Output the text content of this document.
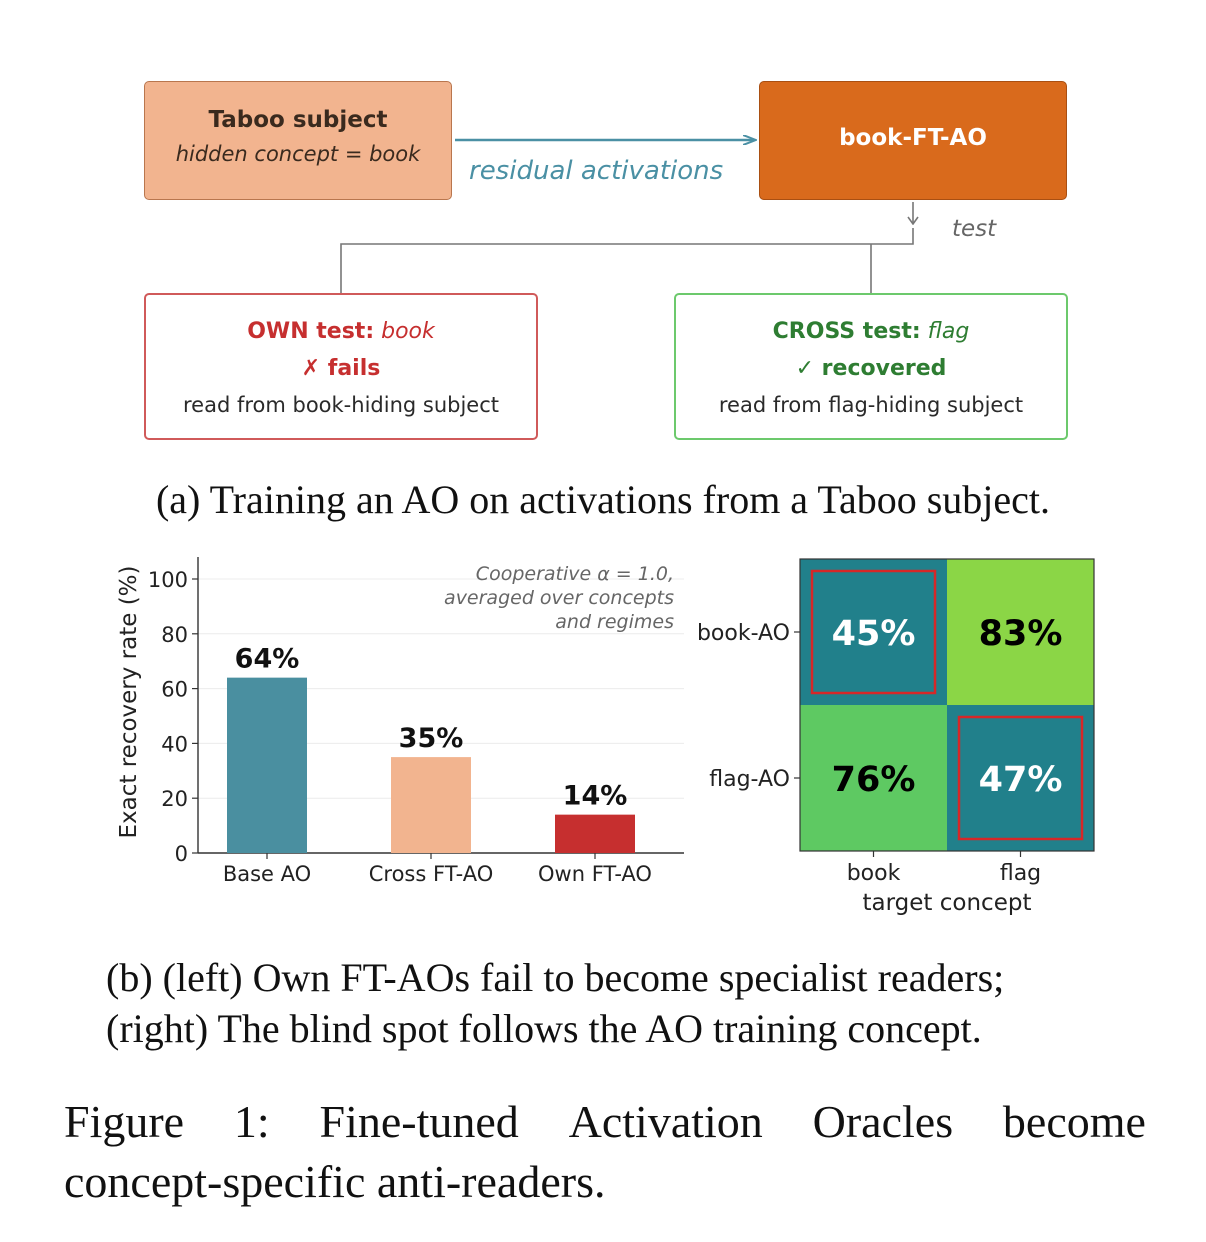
Taboo subject
hidden concept = book
residual activations
book-FT-AO
test
OWN test: book
✗ fails
read from book-hiding subject
CROSS test: flag
✓ recovered
read from flag-hiding subject
(a) Training an AO on activations from a Taboo subject.
0
20
40
60
80
100
Base AO	Cross FT-AO Own FT-AO
64%
35%
14%
Exact recovery rate (%)	Cooperative α = 1.0, averaged over concepts and regimes	45% 83%
76% 47%
book-AO
flag-AO
book	flag
target concept
(b) (left) Own FT-AOs fail to become specialist readers;
(right) The blind spot follows the AO training concept.
Figure 1: Fine-tuned Activation Oracles become
concept-specific anti-readers.
